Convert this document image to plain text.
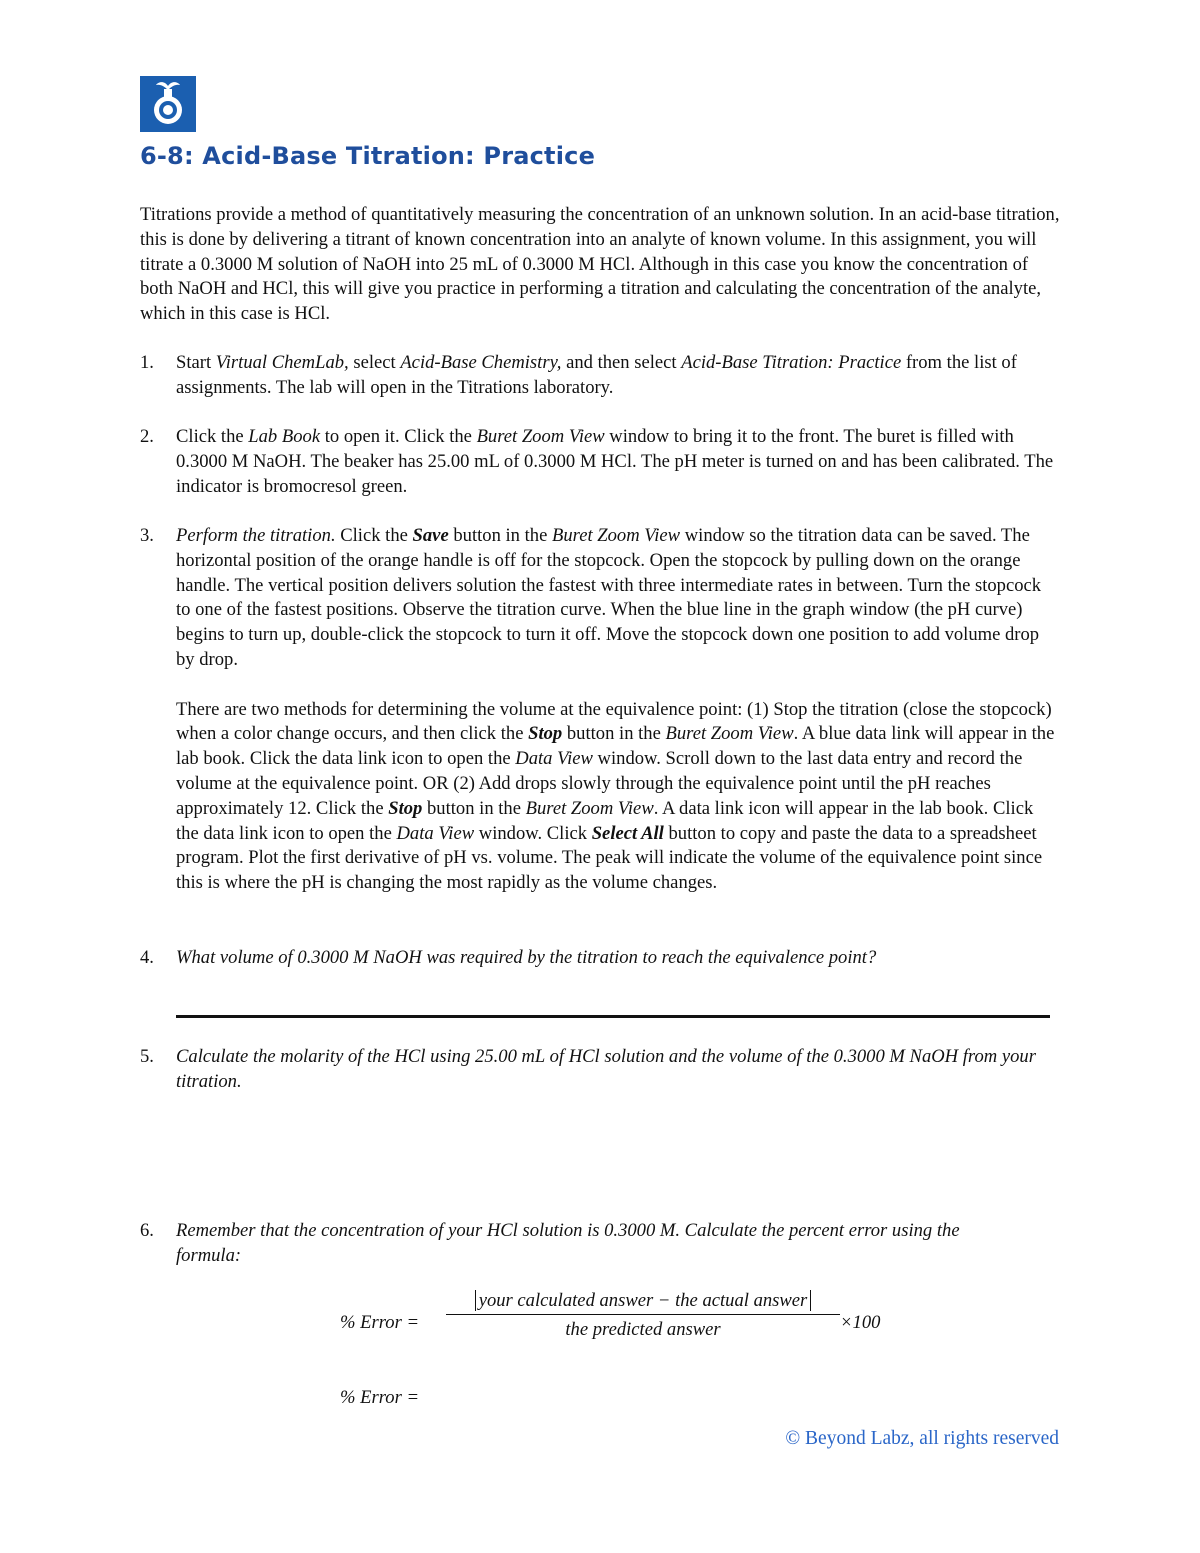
6-8: Acid-Base Titration: Practice

Titrations provide a method of quantitatively measuring the concentration of an unknown solution. In an acid-base titration, this is done by delivering a titrant of known concentration into an analyte of known volume. In this assignment, you will titrate a 0.3000 M solution of NaOH into 25 mL of 0.3000 M HCl. Although in this case you know the concentration of both NaOH and HCl, this will give you practice in performing a titration and calculating the concentration of the analyte, which in this case is HCl.

1.	Start Virtual ChemLab, select Acid-Base Chemistry, and then select Acid-Base Titration: Practice from the list of assignments. The lab will open in the Titrations laboratory.

2.	Click the Lab Book to open it. Click the Buret Zoom View window to bring it to the front. The buret is filled with 0.3000 M NaOH. The beaker has 25.00 mL of 0.3000 M HCl. The pH meter is turned on and has been calibrated. The indicator is bromocresol green.

3.	Perform the titration. Click the Save button in the Buret Zoom View window so the titration data can be saved. The horizontal position of the orange handle is off for the stopcock. Open the stopcock by pulling down on the orange handle. The vertical position delivers solution the fastest with three intermediate rates in between. Turn the stopcock to one of the fastest positions. Observe the titration curve. When the blue line in the graph window (the pH curve) begins to turn up, double-click the stopcock to turn it off. Move the stopcock down one position to add volume drop by drop.

There are two methods for determining the volume at the equivalence point: (1) Stop the titration (close the stopcock) when a color change occurs, and then click the Stop button in the Buret Zoom View. A blue data link will appear in the lab book. Click the data link icon to open the Data View window. Scroll down to the last data entry and record the volume at the equivalence point. OR (2) Add drops slowly through the equivalence point until the pH reaches approximately 12. Click the Stop button in the Buret Zoom View. A data link icon will appear in the lab book. Click the data link icon to open the Data View window. Click Select All button to copy and paste the data to a spreadsheet program. Plot the first derivative of pH vs. volume. The peak will indicate the volume of the equivalence point since this is where the pH is changing the most rapidly as the volume changes.

4.	What volume of 0.3000 M NaOH was required by the titration to reach the equivalence point?

5.	Calculate the molarity of the HCl using 25.00 mL of HCl solution and the volume of the 0.3000 M NaOH from your titration.

6.	Remember that the concentration of your HCl solution is 0.3000 M. Calculate the percent error using the formula:

% Error =
your calculated answer − the actual answer
the predicted answer	×100
% Error =
© Beyond Labz, all rights reserved
